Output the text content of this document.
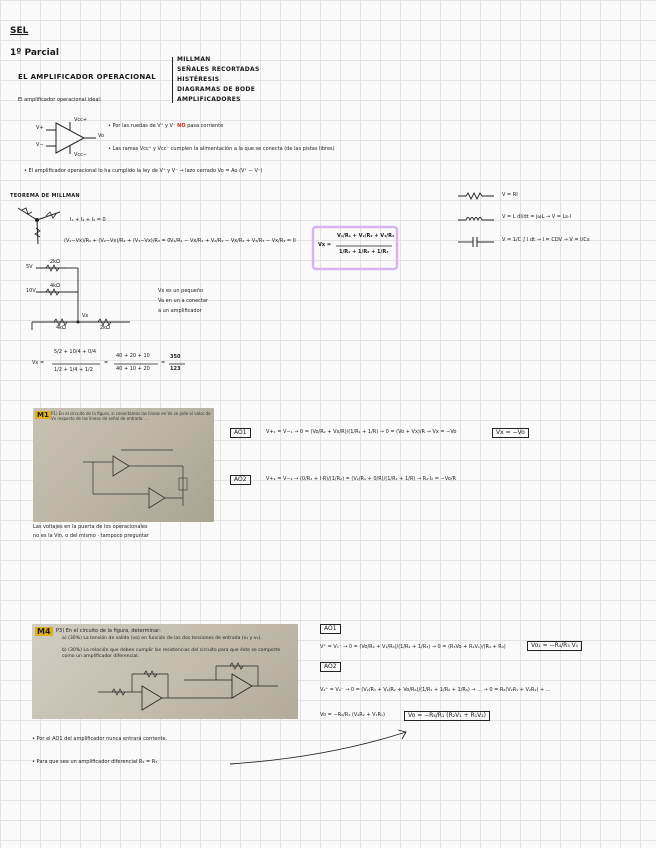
SEL
1º Parcial
EL AMPLIFICADOR OPERACIONAL
MILLMAN
SEÑALES RECORTADAS
HISTÉRESIS
DIAGRAMAS DE BODE
AMPLIFICADORES
El amplificador operacional ideal:
V+
V−
Vcc+
Vcc−
Vo
• Por las ruedas de V⁺ y V⁻ NO pasa corriente
• Las ramas Vcc⁺ y Vcc⁻ cumplen la alimentación a la que se conecta (de las pistas libres)
• El amplificador operacional lo ha cumplido la ley de V⁺ y V⁻ → lazo cerrado Vo = Ao (V⁺ − V⁻)
TEOREMA DE MILLMAN
I₁ + I₂ + I₃ = 0
(V₁−Vx)/R₁ + (V₂−Vx)/R₂ + (V₃−Vx)/R₃ = 0 V₁/R₁ − Vx/R₁ + V₂/R₂ − Vx/R₂ + V₃/R₃ − Vx/R₃ = 0
Vx =
V₁/R₁ + V₂/R₂ + V₃/R₃
1/R₁ + 1/R₂ + 1/R₃
V = RI
V = L dI/dt = jωL → V = Ls·I
V = 1/C ∫ I dt → I = CDV → V = I/Cs
5V
10V
2kΩ
4kΩ
4kΩ	2kΩ
Vx
Vx es un pequeño
Va en un a conectar
a un amplificador
Vx =
5/2 + 10/4 + 0/4
1/2 + 1/4 + 1/2
=
40 + 20 + 10
40 + 10 + 20
=
350
123
M1 P1) En el circuito de la figura, si conectamos las lineas en Vo se pide el valor de Vx respecto de las líneas de señal de entrada: ...
Las voltajes en la puerta de los operacionales
no es la Vin, o del mismo · tampoco preguntar
AO1	V+₁ = V−₁ → 0 = (Vo/R₂ + Vx/R)/(1/R₁ + 1/R) → 0 = (Vo + Vx)/R → Vx = −Vo	Vx = −Vo
AO2	V+₂ = V−₂ → (0/R₂ + I·R)/(1/R₂) = (V₂/R₁ + 0/R)/(1/R₁ + 1/R) → R₂·I₂ = −Vo/R
M4	P3) En el circuito de la figura, determinar:
a) (30%) La tensión de salida (vo) en función de las dos tensiones de entrada (v₁ y v₂).
b) (30%) La relación que deben cumplir las resistencias del circuito para que éste se comporte como un amplificador diferencial.
AO1
V⁺ = V₁⁻ → 0 = (Vo/R₄ + V₁/R₃)/(1/R₄ + 1/R₃) → 0 = (R₃Vo + R₄V₁)/(R₄ + R₃)	Vo₁ = −R₄/R₃ V₁
AO2
V₂⁺ = V₂⁻ → 0 = (V₂/R₁ + V₂/R₂ + Vo/R₆)/(1/R₁ + 1/R₂ + 1/R₆) → ... → 0 = R₆(V₂R₁ + V₂R₂) + ...
Vo = −R₆/R₁ (V₂R₂ + V₁R₁)	Vo = −R₆/R₁ (R₂V₁ + R₁V₂)
• Por el AO1 del amplificador nunca entrará corriente.
• Para que sea un amplificador diferencial R₄ = R₃
